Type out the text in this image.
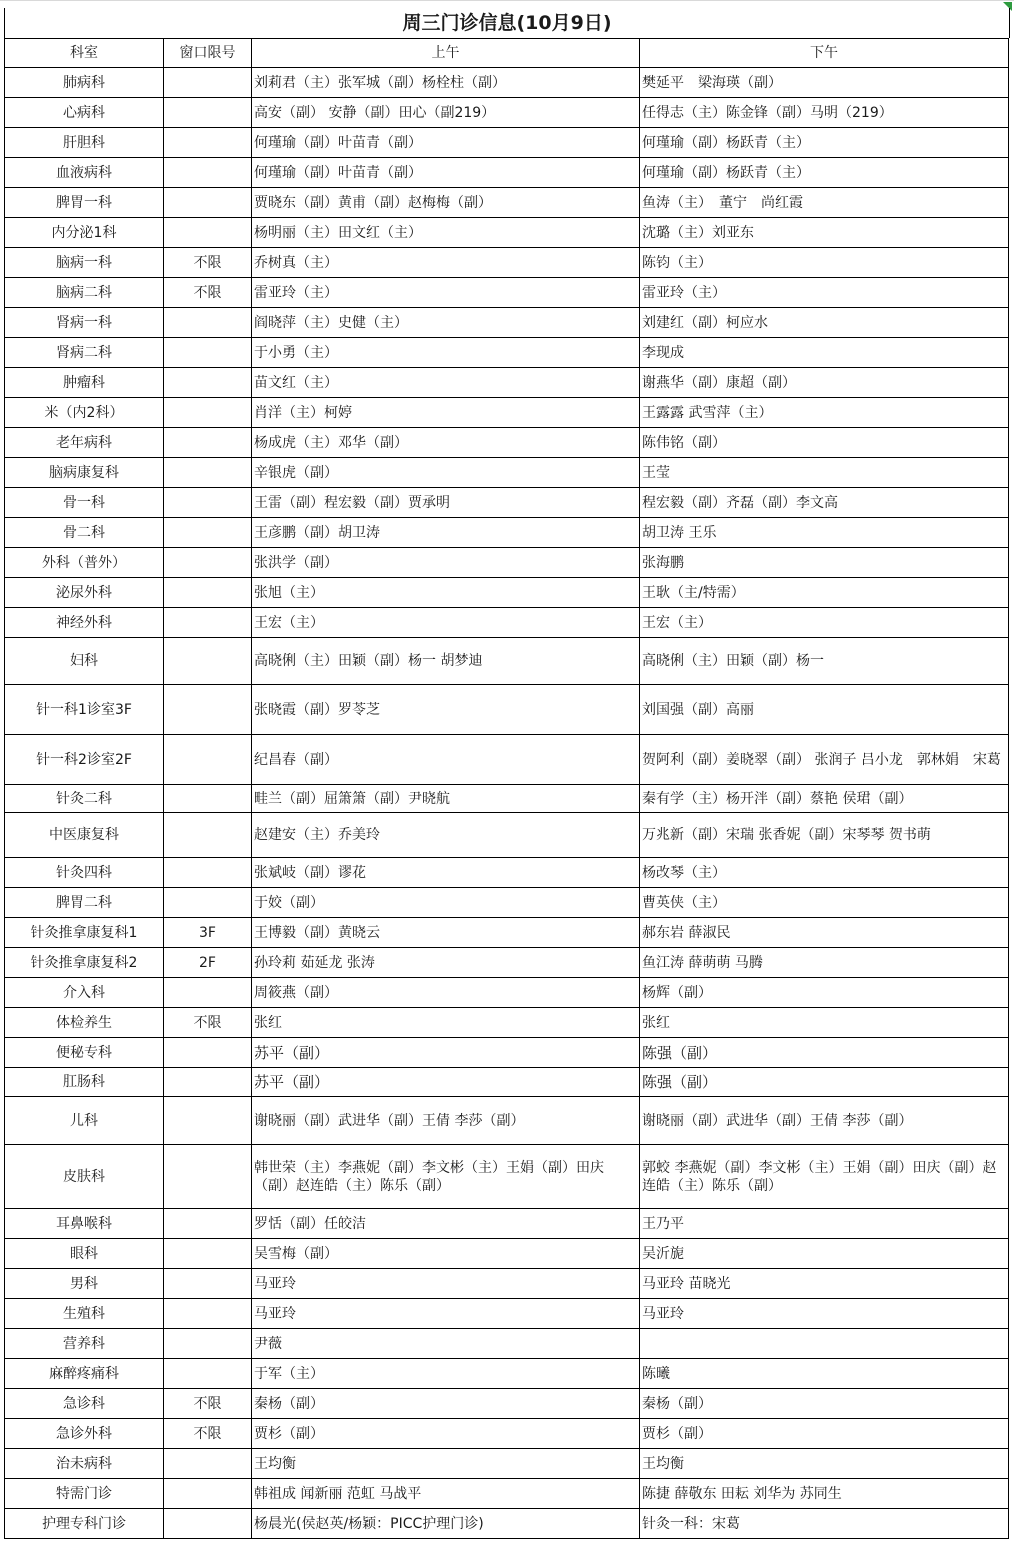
周三门诊信息(10月9日)
科室	窗口限号	上午	下午
肺病科		刘莉君（主）张军城（副）杨栓柱（副）	樊延平　梁海瑛（副）
心病科		高安（副） 安静（副）田心（副219）	任得志（主）陈金锋（副）马明（219）
肝胆科		何瑾瑜（副）叶苗青（副）	何瑾瑜（副）杨跃青（主）
血液病科		何瑾瑜（副）叶苗青（副）	何瑾瑜（副）杨跃青（主）
脾胃一科		贾晓东（副）黄甫（副）赵梅梅（副）	鱼涛（主）　董宁　尚红霞
内分泌1科		杨明丽（主）田文红（主）	沈璐（主）刘亚东
脑病一科	不限	乔树真（主）	陈钧（主）
脑病二科	不限	雷亚玲（主）	雷亚玲（主）
肾病一科		阎晓萍（主）史健（主）	刘建红（副）柯应水
肾病二科		于小勇（主）	李现成
肿瘤科		苗文红（主）	谢燕华（副）康超（副）
米（内2科）		肖洋（主）柯婷	王露露 武雪萍（主）
老年病科		杨成虎（主）邓华（副）	陈伟铭（副）
脑病康复科		辛银虎（副）	王莹
骨一科		王雷（副）程宏毅（副）贾承明	程宏毅（副）齐磊（副）李文高
骨二科		王彦鹏（副）胡卫涛	胡卫涛 王乐
外科（普外）		张洪学（副）	张海鹏
泌尿外科		张旭（主）	王耿（主/特需）
神经外科		王宏（主）	王宏（主）
妇科		高晓俐（主）田颖（副）杨一 胡梦迪	高晓俐（主）田颖（副）杨一
针一科1诊室3F		张晓霞（副）罗苓芝	刘国强（副）高丽
针一科2诊室2F		纪昌春（副）	贺阿利（副）姜晓翠（副） 张润子 吕小龙　郭林娟　宋葛
针灸二科		畦兰（副）屈箫箫（副）尹晓航	秦有学（主）杨开泮（副）蔡艳 侯珺（副）
中医康复科		赵建安（主）乔美玲	万兆新（副）宋瑞 张香妮（副）宋琴琴 贺书萌
针灸四科		张斌岐（副）谬花	杨改琴（主）
脾胃二科		于姣（副）	曹英侠（主）
针灸推拿康复科1	3F	王博毅（副）黄晓云	郝东岩 薛淑民
针灸推拿康复科2	2F	孙玲莉 茹延龙 张涛	鱼江涛 薛萌萌 马腾
介入科		周筱燕（副）	杨辉（副）
体检养生	不限	张红	张红
便秘专科		苏平（副）	陈强（副）
肛肠科		苏平（副）	陈强（副）
儿科		谢晓丽（副）武进华（副）王倩 李莎（副）	谢晓丽（副）武进华（副）王倩 李莎（副）
皮肤科		韩世荣（主）李燕妮（副）李文彬（主）王娟（副）田庆（副）赵连皓（主）陈乐（副）	郭蛟 李燕妮（副）李文彬（主）王娟（副）田庆（副）赵连皓（主）陈乐（副）
耳鼻喉科		罗恬（副）任皎洁	王乃平
眼科		吴雪梅（副）	吴沂旎
男科		马亚玲	马亚玲 苗晓光
生殖科		马亚玲	马亚玲
营养科		尹薇	
麻醉疼痛科		于军（主）	陈曦
急诊科	不限	秦杨（副）	秦杨（副）
急诊外科	不限	贾杉（副）	贾杉（副）
治未病科		王均衡	王均衡
特需门诊		韩祖成 闻新丽 范虹 马战平	陈捷 薛敬东 田耘 刘华为 苏同生
护理专科门诊		杨晨光(侯赵英/杨颖：PICC护理门诊)	针灸一科：宋葛
